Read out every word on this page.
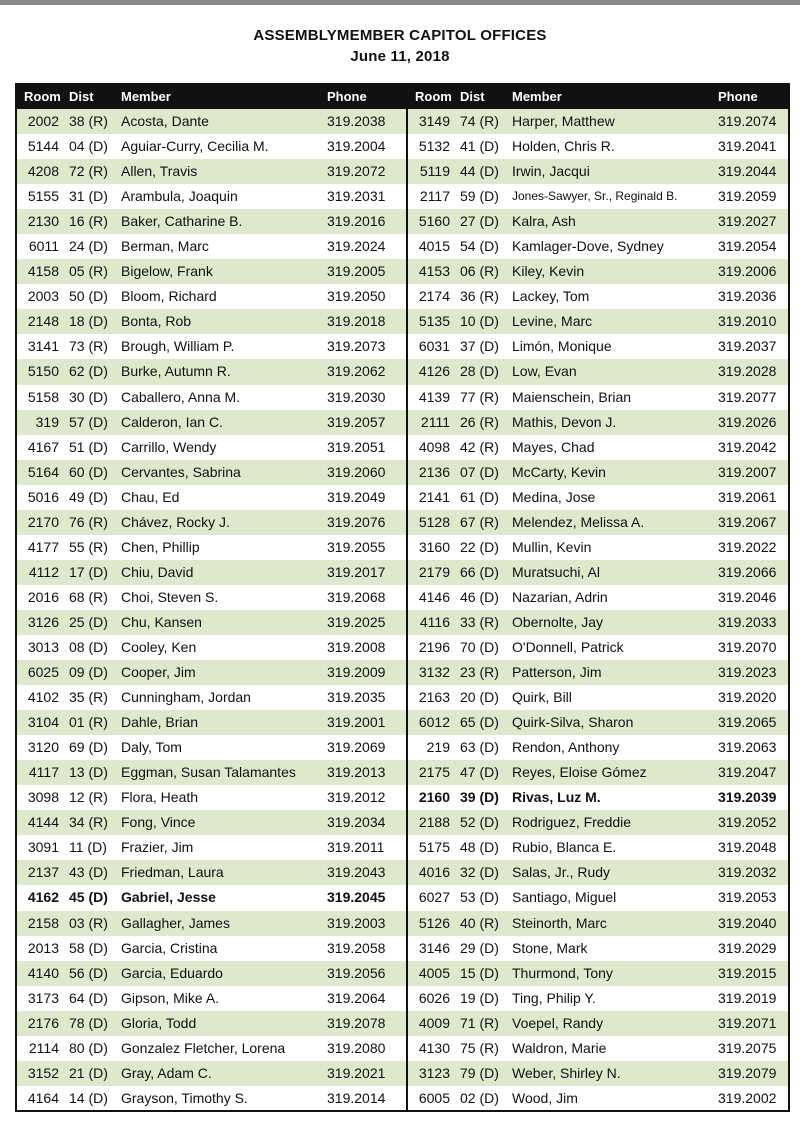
ASSEMBLYMEMBER CAPITOL OFFICES
June 11, 2018
Room Dist Member	Phone
2002 38 (R) Acosta, Dante	319.2038
5144 04 (D) Aguiar-Curry, Cecilia M.	319.2004
4208 72 (R) Allen, Travis	319.2072
5155 31 (D) Arambula, Joaquin	319.2031
2130 16 (R) Baker, Catharine B.	319.2016
6011 24 (D) Berman, Marc	319.2024
4158 05 (R) Bigelow, Frank	319.2005
2003 50 (D) Bloom, Richard	319.2050
2148 18 (D) Bonta, Rob	319.2018
3141 73 (R) Brough, William P.	319.2073
5150 62 (D) Burke, Autumn R.	319.2062
5158 30 (D) Caballero, Anna M.	319.2030
319 57 (D) Calderon, Ian C.	319.2057
4167 51 (D) Carrillo, Wendy	319.2051
5164 60 (D) Cervantes, Sabrina	319.2060
5016 49 (D) Chau, Ed	319.2049
2170 76 (R) Chávez, Rocky J.	319.2076
4177 55 (R) Chen, Phillip	319.2055
4112 17 (D) Chiu, David	319.2017
2016 68 (R) Choi, Steven S.	319.2068
3126 25 (D) Chu, Kansen	319.2025
3013 08 (D) Cooley, Ken	319.2008
6025 09 (D) Cooper, Jim	319.2009
4102 35 (R) Cunningham, Jordan	319.2035
3104 01 (R) Dahle, Brian	319.2001
3120 69 (D) Daly, Tom	319.2069
4117 13 (D) Eggman, Susan Talamantes 319.2013
3098 12 (R) Flora, Heath	319.2012
4144 34 (R) Fong, Vince	319.2034
3091 11 (D) Frazier, Jim	319.2011
2137 43 (D) Friedman, Laura	319.2043
4162 45 (D) Gabriel, Jesse	319.2045
2158 03 (R) Gallagher, James	319.2003
2013 58 (D) Garcia, Cristina	319.2058
4140 56 (D) Garcia, Eduardo	319.2056
3173 64 (D) Gipson, Mike A.	319.2064
2176 78 (D) Gloria, Todd	319.2078
2114 80 (D) Gonzalez Fletcher, Lorena	319.2080
3152 21 (D) Gray, Adam C.	319.2021
4164 14 (D) Grayson, Timothy S.	319.2014
Room Dist Member	Phone
3149 74 (R) Harper, Matthew	319.2074
5132 41 (D) Holden, Chris R.	319.2041
5119 44 (D) Irwin, Jacqui	319.2044
2117 59 (D) Jones-Sawyer, Sr., Reginald B.	319.2059
5160 27 (D) Kalra, Ash	319.2027
4015 54 (D) Kamlager-Dove, Sydney	319.2054
4153 06 (R) Kiley, Kevin	319.2006
2174 36 (R) Lackey, Tom	319.2036
5135 10 (D) Levine, Marc	319.2010
6031 37 (D) Limón, Monique	319.2037
4126 28 (D) Low, Evan	319.2028
4139 77 (R) Maienschein, Brian	319.2077
2111 26 (R) Mathis, Devon J.	319.2026
4098 42 (R) Mayes, Chad	319.2042
2136 07 (D) McCarty, Kevin	319.2007
2141 61 (D) Medina, Jose	319.2061
5128 67 (R) Melendez, Melissa A.	319.2067
3160 22 (D) Mullin, Kevin	319.2022
2179 66 (D) Muratsuchi, Al	319.2066
4146 46 (D) Nazarian, Adrin	319.2046
4116 33 (R) Obernolte, Jay	319.2033
2196 70 (D) O'Donnell, Patrick	319.2070
3132 23 (R) Patterson, Jim	319.2023
2163 20 (D) Quirk, Bill	319.2020
6012 65 (D) Quirk-Silva, Sharon	319.2065
219 63 (D) Rendon, Anthony	319.2063
2175 47 (D) Reyes, Eloise Gómez	319.2047
2160 39 (D) Rivas, Luz M.	319.2039
2188 52 (D) Rodriguez, Freddie	319.2052
5175 48 (D) Rubio, Blanca E.	319.2048
4016 32 (D) Salas, Jr., Rudy	319.2032
6027 53 (D) Santiago, Miguel	319.2053
5126 40 (R) Steinorth, Marc	319.2040
3146 29 (D) Stone, Mark	319.2029
4005 15 (D) Thurmond, Tony	319.2015
6026 19 (D) Ting, Philip Y.	319.2019
4009 71 (R) Voepel, Randy	319.2071
4130 75 (R) Waldron, Marie	319.2075
3123 79 (D) Weber, Shirley N.	319.2079
6005 02 (D) Wood, Jim	319.2002
